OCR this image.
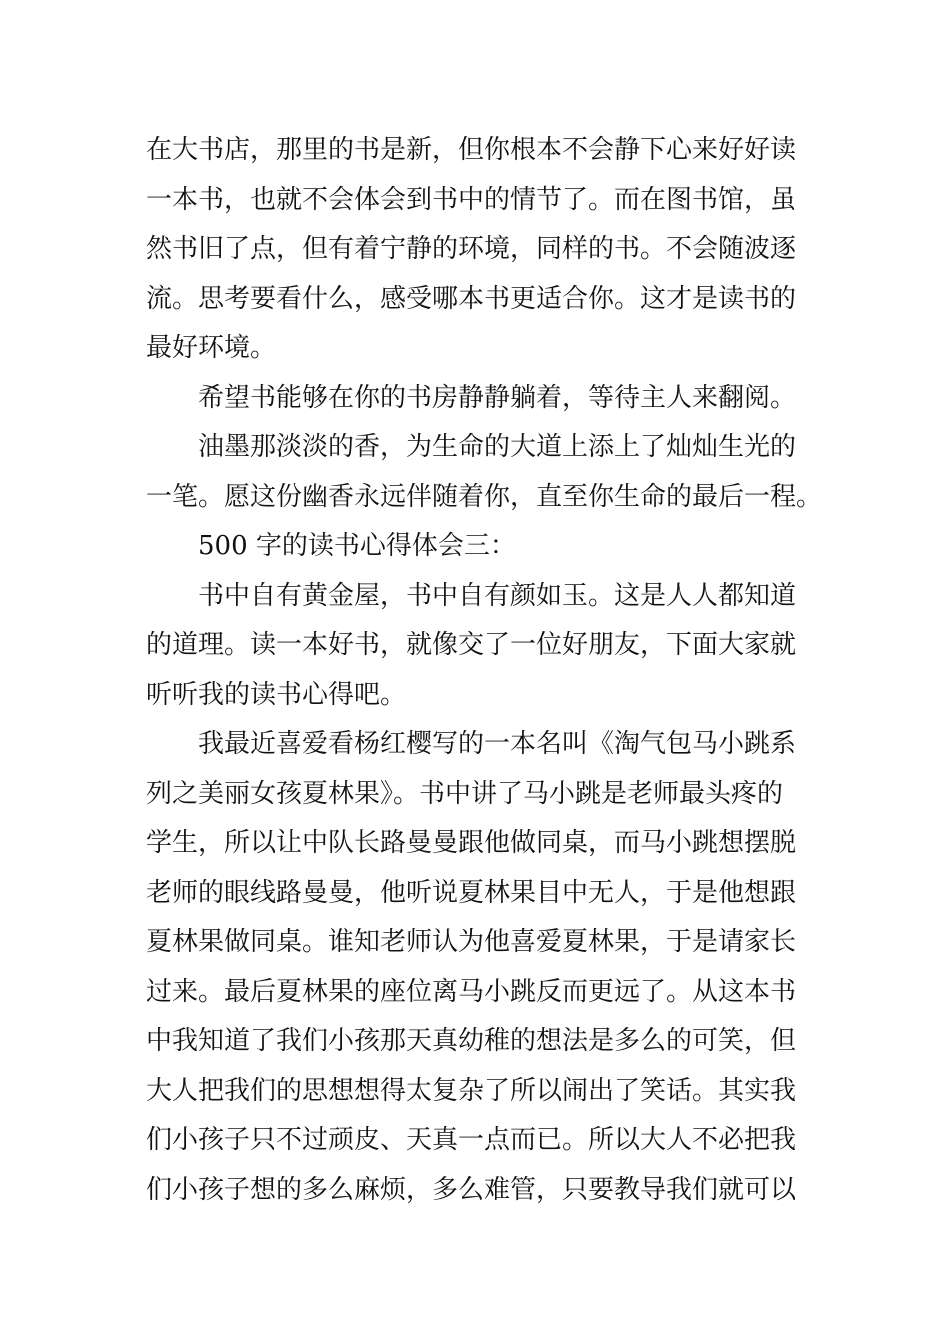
在大书店，那里的书是新，但你根本不会静下心来好好读

一本书，也就不会体会到书中的情节了。而在图书馆，虽

然书旧了点，但有着宁静的环境，同样的书。不会随波逐

流。思考要看什么，感受哪本书更适合你。这才是读书的

最好环境。

希望书能够在你的书房静静躺着，等待主人来翻阅。

油墨那淡淡的香，为生命的大道上添上了灿灿生光的

一笔。愿这份幽香永远伴随着你，直至你生命的最后一程。

500 字的读书心得体会三：

书中自有黄金屋，书中自有颜如玉。这是人人都知道

的道理。读一本好书，就像交了一位好朋友，下面大家就

听听我的读书心得吧。

我最近喜爱看杨红樱写的一本名叫《淘气包马小跳系

列之美丽女孩夏林果》。书中讲了马小跳是老师最头疼的

学生，所以让中队长路曼曼跟他做同桌，而马小跳想摆脱

老师的眼线路曼曼，他听说夏林果目中无人，于是他想跟

夏林果做同桌。谁知老师认为他喜爱夏林果，于是请家长

过来。最后夏林果的座位离马小跳反而更远了。从这本书

中我知道了我们小孩那天真幼稚的想法是多么的可笑，但

大人把我们的思想想得太复杂了所以闹出了笑话。其实我

们小孩子只不过顽皮、天真一点而已。所以大人不必把我

们小孩子想的多么麻烦，多么难管，只要教导我们就可以
